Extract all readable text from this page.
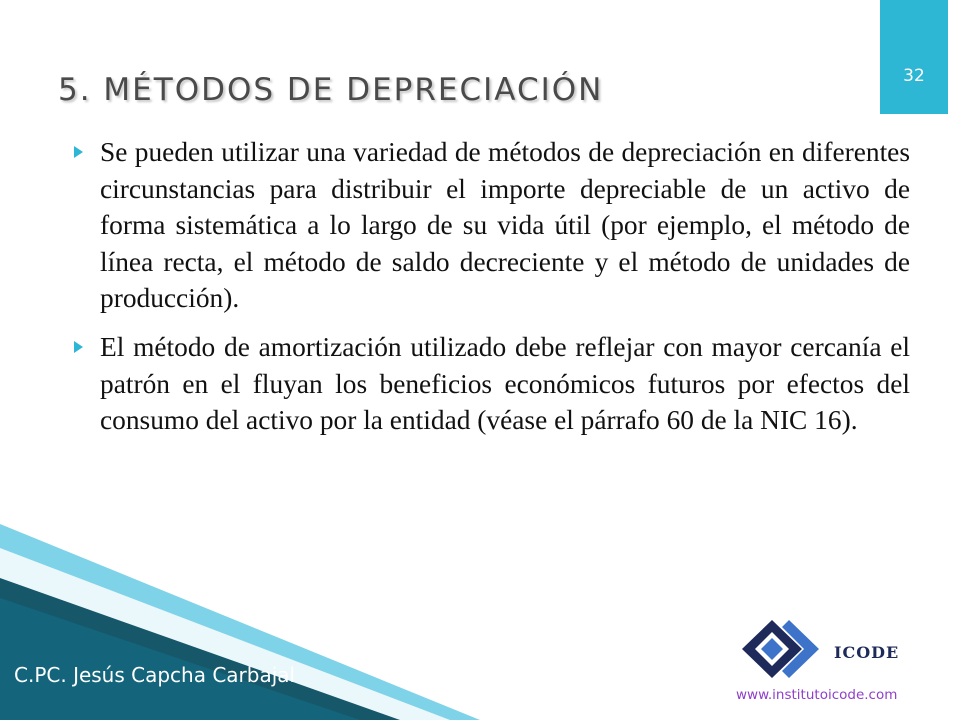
5. MÉTODOS DE DEPRECIACIÓN	32

Se pueden utilizar una variedad de métodos de depreciación en diferentes circunstancias para distribuir el importe depreciable de un activo de forma sistemática a lo largo de su vida útil (por ejemplo, el método de línea recta, el método de saldo decreciente y el método de unidades de producción).

El método de amortización utilizado debe reflejar con mayor cercanía el patrón en el fluyan los beneficios económicos futuros por efectos del consumo del activo por la entidad (véase el párrafo 60 de la NIC 16).

C.PC. Jesús Capcha Carbajal
ICODE
www.institutoicode.com
